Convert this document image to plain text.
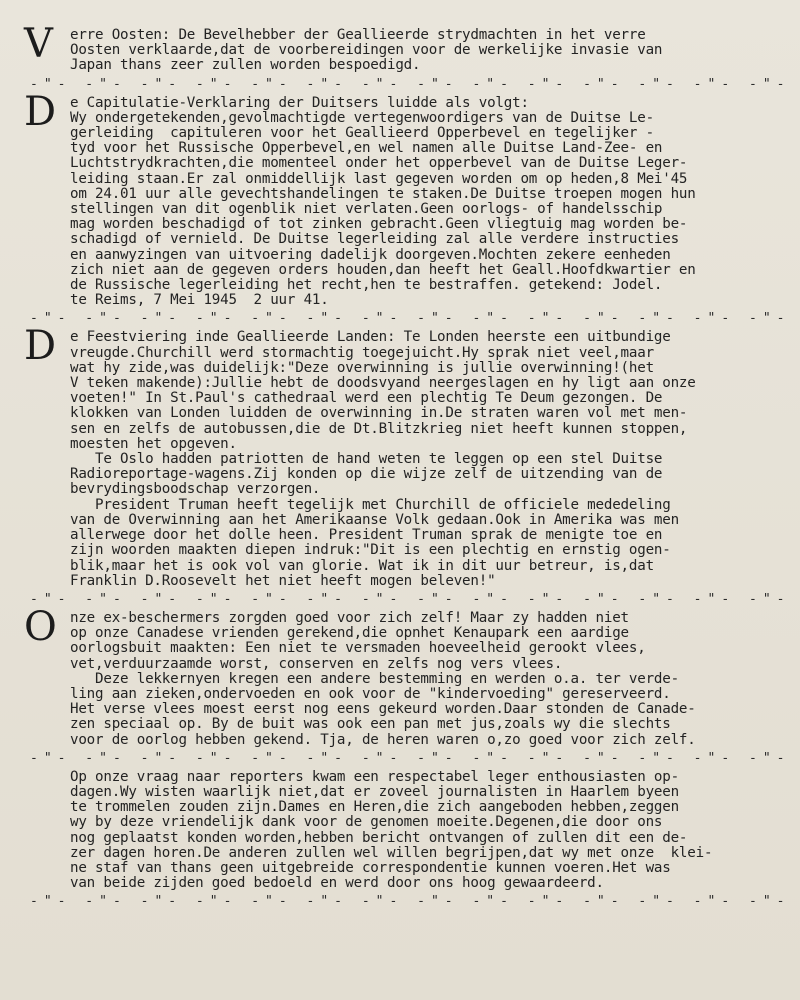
V erre Oosten: De Bevelhebber der Geallieerde strydmachten in het verre

Oosten verklaarde,dat de voorbereidingen voor de werkelijke invasie van

Japan thans zeer zullen worden bespoedigd.

-"- -"- -"- -"- -"- -"- -"- -"- -"- -"- -"- -"- -"- -"-
D e Capitulatie-Verklaring der Duitsers luidde als volgt:

Wy ondergetekenden,gevolmachtigde vertegenwoordigers van de Duitse Le-

gerleiding  capituleren voor het Geallieerd Opperbevel en tegelijker -

tyd voor het Russische Opperbevel,en wel namen alle Duitse Land-Zee- en

Luchtstrydkrachten,die momenteel onder het opperbevel van de Duitse Leger-

leiding staan.Er zal onmiddellijk last gegeven worden om op heden,8 Mei'45

om 24.01 uur alle gevechtshandelingen te staken.De Duitse troepen mogen hun

stellingen van dit ogenblik niet verlaten.Geen oorlogs- of handelsschip

mag worden beschadigd of tot zinken gebracht.Geen vliegtuig mag worden be-

schadigd of vernield. De Duitse legerleiding zal alle verdere instructies

en aanwyzingen van uitvoering dadelijk doorgeven.Mochten zekere eenheden

zich niet aan de gegeven orders houden,dan heeft het Geall.Hoofdkwartier en

de Russische legerleiding het recht,hen te bestraffen. getekend: Jodel.

te Reims, 7 Mei 1945  2 uur 41.

-"- -"- -"- -"- -"- -"- -"- -"- -"- -"- -"- -"- -"- -"-
D e Feestviering inde Geallieerde Landen: Te Londen heerste een uitbundige

vreugde.Churchill werd stormachtig toegejuicht.Hy sprak niet veel,maar

wat hy zide,was duidelijk:"Deze overwinning is jullie overwinning!(het

V teken makende):Jullie hebt de doodsvyand neergeslagen en hy ligt aan onze

voeten!" In St.Paul's cathedraal werd een plechtig Te Deum gezongen. De

klokken van Londen luidden de overwinning in.De straten waren vol met men-

sen en zelfs de autobussen,die de Dt.Blitzkrieg niet heeft kunnen stoppen,

moesten het opgeven.

Te Oslo hadden patriotten de hand weten te leggen op een stel Duitse

Radioreportage-wagens.Zij konden op die wijze zelf de uitzending van de

bevrydingsboodschap verzorgen.

President Truman heeft tegelijk met Churchill de officiele mededeling

van de Overwinning aan het Amerikaanse Volk gedaan.Ook in Amerika was men

allerwege door het dolle heen. President Truman sprak de menigte toe en

zijn woorden maakten diepen indruk:"Dit is een plechtig en ernstig ogen-

blik,maar het is ook vol van glorie. Wat ik in dit uur betreur, is,dat

Franklin D.Roosevelt het niet heeft mogen beleven!"

-"- -"- -"- -"- -"- -"- -"- -"- -"- -"- -"- -"- -"- -"-
O nze ex-beschermers zorgden goed voor zich zelf! Maar zy hadden niet

op onze Canadese vrienden gerekend,die opnhet Kenaupark een aardige

oorlogsbuit maakten: Een niet te versmaden hoeveelheid gerookt vlees,

vet,verduurzaamde worst, conserven en zelfs nog vers vlees.

Deze lekkernyen kregen een andere bestemming en werden o.a. ter verde-

ling aan zieken,ondervoeden en ook voor de "kindervoeding" gereserveerd.

Het verse vlees moest eerst nog eens gekeurd worden.Daar stonden de Canade-

zen speciaal op. By de buit was ook een pan met jus,zoals wy die slechts

voor de oorlog hebben gekend. Tja, de heren waren o,zo goed voor zich zelf.

-"- -"- -"- -"- -"- -"- -"- -"- -"- -"- -"- -"- -"- -"-

Op onze vraag naar reporters kwam een respectabel leger enthousiasten op-

dagen.Wy wisten waarlijk niet,dat er zoveel journalisten in Haarlem byeen

te trommelen zouden zijn.Dames en Heren,die zich aangeboden hebben,zeggen

wy by deze vriendelijk dank voor de genomen moeite.Degenen,die door ons

nog geplaatst konden worden,hebben bericht ontvangen of zullen dit een de-

zer dagen horen.De anderen zullen wel willen begrijpen,dat wy met onze  klei-

ne staf van thans geen uitgebreide correspondentie kunnen voeren.Het was

van beide zijden goed bedoeld en werd door ons hoog gewaardeerd.

-"- -"- -"- -"- -"- -"- -"- -"- -"- -"- -"- -"- -"- -"-
